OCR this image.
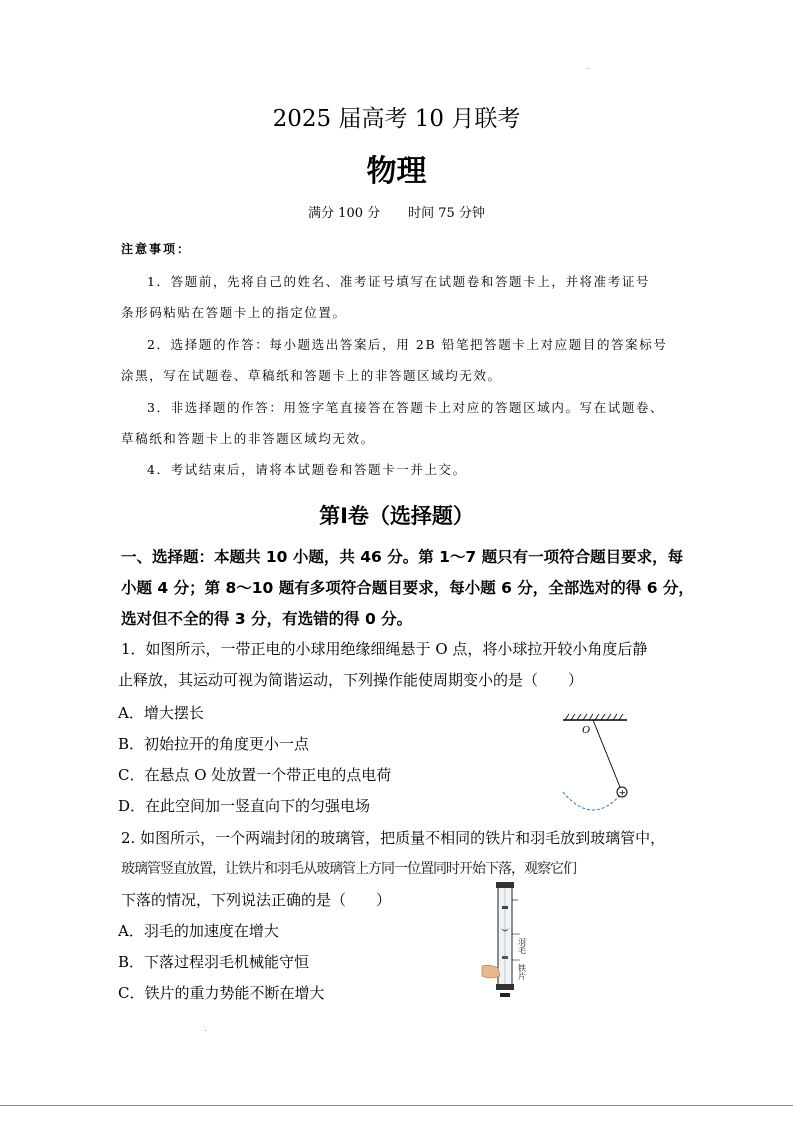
2025 届高考 10 月联考
物理
满分 100 分 时间 75 分钟
注意事项：
1．答题前，先将自己的姓名、准考证号填写在试题卷和答题卡上，并将准考证号
条形码粘贴在答题卡上的指定位置。
2．选择题的作答：每小题选出答案后，用 2B 铅笔把答题卡上对应题目的答案标号
涂黑，写在试题卷、草稿纸和答题卡上的非答题区域均无效。
3．非选择题的作答：用签字笔直接答在答题卡上对应的答题区域内。写在试题卷、
草稿纸和答题卡上的非答题区域均无效。
4．考试结束后，请将本试题卷和答题卡一并上交。
第Ⅰ卷（选择题）
一、选择题：本题共 10 小题，共 46 分。第 1～7 题只有一项符合题目要求，每
小题 4 分；第 8～10 题有多项符合题目要求，每小题 6 分，全部选对的得 6 分，
选对但不全的得 3 分，有选错的得 0 分。
1．如图所示，一带正电的小球用绝缘细绳悬于 O 点，将小球拉开较小角度后静
止释放，其运动可视为简谐运动，下列操作能使周期变小的是（　　）
A．增大摆长
B．初始拉开的角度更小一点
C．在悬点 O 处放置一个带正电的点电荷
D．在此空间加一竖直向下的匀强电场
O
+
2. 如图所示，一个两端封闭的玻璃管，把质量不相同的铁片和羽毛放到玻璃管中，
玻璃管竖直放置，让铁片和羽毛从玻璃管上方同一位置同时开始下落，观察它们
下落的情况，下列说法正确的是（　　）
A．羽毛的加速度在增大
B．下落过程羽毛机械能守恒
C．铁片的重力势能不断在增大
羽毛
铁片
